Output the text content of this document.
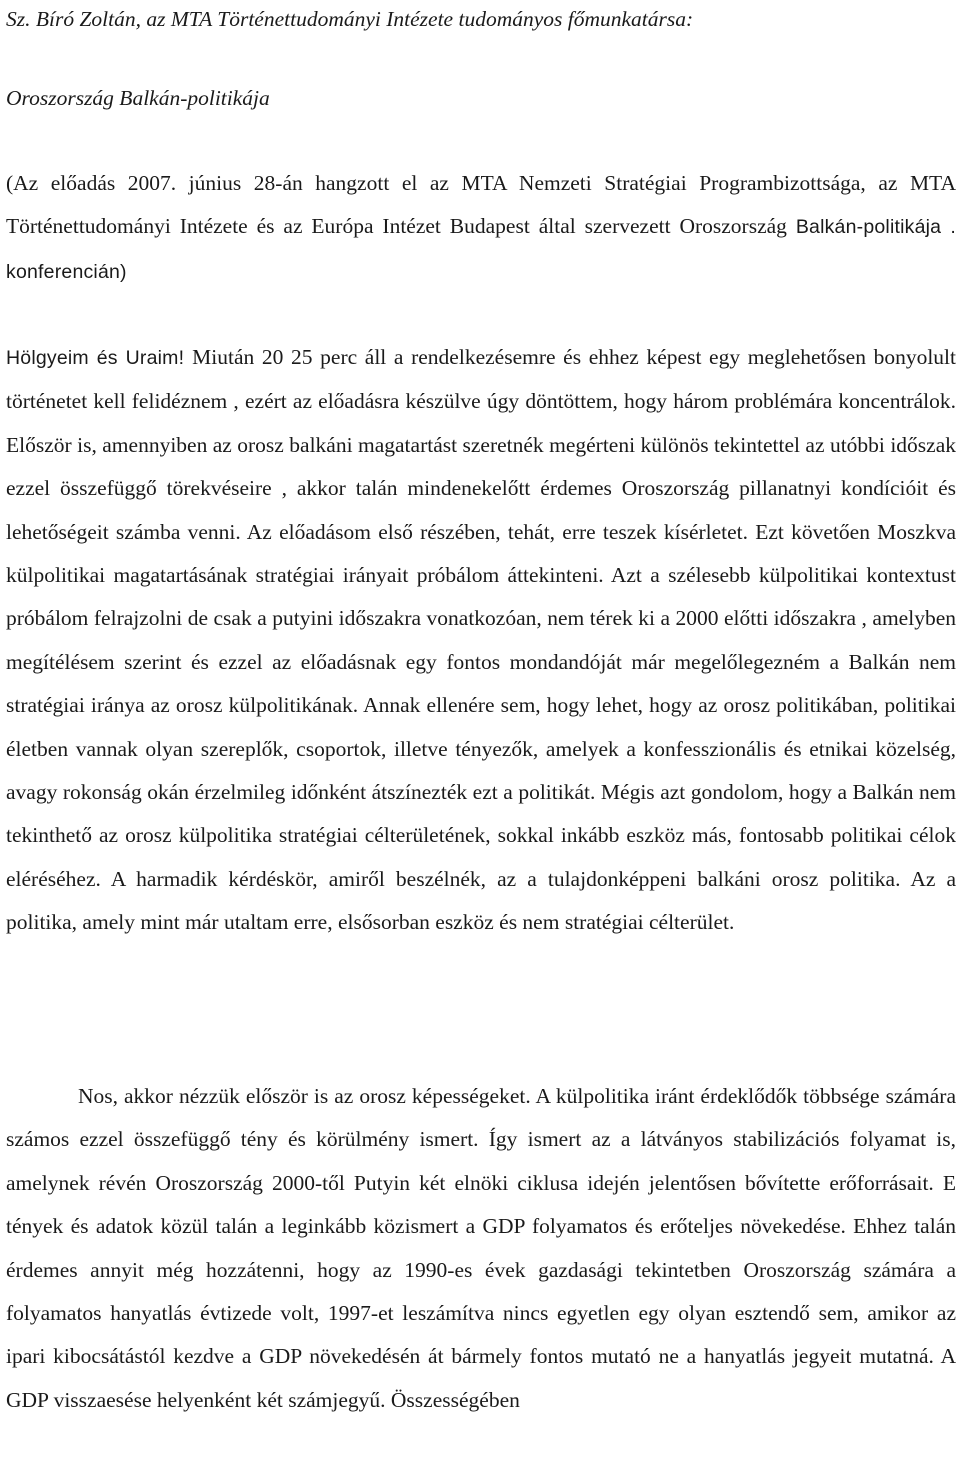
Sz. Bíró Zoltán, az MTA Történettudományi Intézete tudományos főmunkatársa:

Oroszország Balkán-politikája

(Az előadás 2007. június 28-án hangzott el az MTA Nemzeti Stratégiai Programbizottsága, az MTA Történettudományi Intézete és az Európa Intézet Budapest által szervezett Oroszország Balkán-politikája . konferencián)

Hölgyeim és Uraim! Miután 20 25 perc áll a rendelkezésemre és ehhez képest egy meglehetősen bonyolult történetet kell felidéznem , ezért az előadásra készülve úgy döntöttem, hogy három problémára koncentrálok. Először is, amennyiben az orosz balkáni magatartást szeretnék megérteni különös tekintettel az utóbbi időszak ezzel összefüggő törekvéseire , akkor talán mindenekelőtt érdemes Oroszország pillanatnyi kondícióit és lehetőségeit számba venni. Az előadásom első részében, tehát, erre teszek kísérletet. Ezt követően Moszkva külpolitikai magatartásának stratégiai irányait próbálom áttekinteni. Azt a szélesebb külpolitikai kontextust próbálom felrajzolni de csak a putyini időszakra vonatkozóan, nem térek ki a 2000 előtti időszakra , amelyben megítélésem szerint és ezzel az előadásnak egy fontos mondandóját már megelőlegezném a Balkán nem stratégiai iránya az orosz külpolitikának. Annak ellenére sem, hogy lehet, hogy az orosz politikában, politikai életben vannak olyan szereplők, csoportok, illetve tényezők, amelyek a konfesszionális és etnikai közelség, avagy rokonság okán érzelmileg időnként átszínezték ezt a politikát. Mégis azt gondolom, hogy a Balkán nem tekinthető az orosz külpolitika stratégiai célterületének, sokkal inkább eszköz más, fontosabb politikai célok eléréséhez. A harmadik kérdéskör, amiről beszélnék, az a tulajdonképpeni balkáni orosz politika. Az a politika, amely mint már utaltam erre, elsősorban eszköz és nem stratégiai célterület.

Nos, akkor nézzük először is az orosz képességeket. A külpolitika iránt érdeklődők többsége számára számos ezzel összefüggő tény és körülmény ismert. Így ismert az a látványos stabilizációs folyamat is, amelynek révén Oroszország 2000-től Putyin két elnöki ciklusa idején jelentősen bővítette erőforrásait. E tények és adatok közül talán a leginkább közismert a GDP folyamatos és erőteljes növekedése. Ehhez talán érdemes annyit még hozzátenni, hogy az 1990-es évek gazdasági tekintetben Oroszország számára a folyamatos hanyatlás évtizede volt, 1997-et leszámítva nincs egyetlen egy olyan esztendő sem, amikor az ipari kibocsátástól kezdve a GDP növekedésén át bármely fontos mutató ne a hanyatlás jegyeit mutatná. A GDP visszaesése helyenként két számjegyű. Összességében
